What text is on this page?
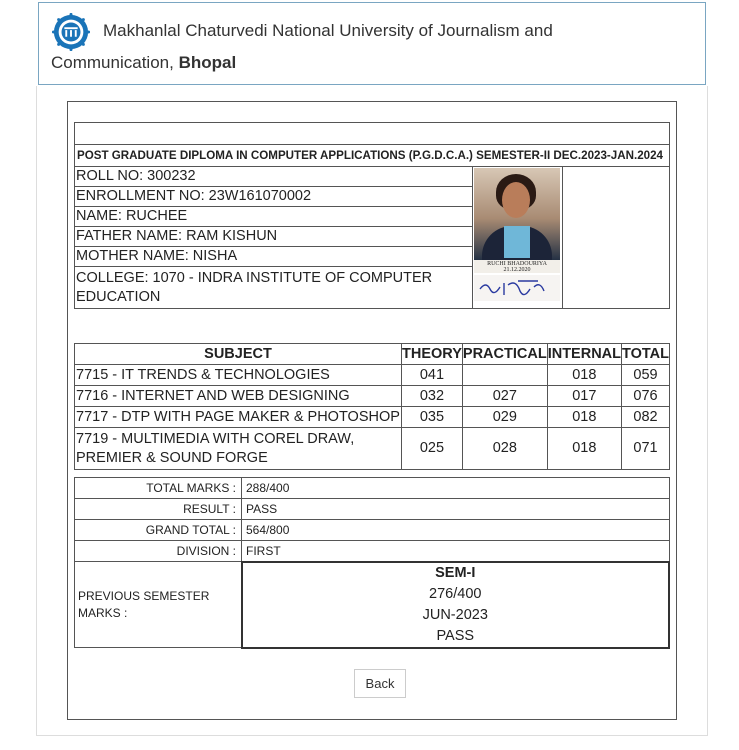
Makhanlal Chaturvedi National University of Journalism and
Communication, Bhopal

POST GRADUATE DIPLOMA IN COMPUTER APPLICATIONS (P.G.D.C.A.) SEMESTER-II DEC.2023-JAN.2024
ROLL NO: 300232	
RUCHI BHADOURIYA
21.12.2020

ENROLLMENT NO: 23W161070002
NAME: RUCHEE
FATHER NAME: RAM KISHUN
MOTHER NAME: NISHA
COLLEGE: 1070 - INDRA INSTITUTE OF COMPUTER EDUCATION
SUBJECT	THEORY	PRACTICAL	INTERNAL	TOTAL
7715 - IT TRENDS & TECHNOLOGIES	041		018	059
7716 - INTERNET AND WEB DESIGNING	032	027	017	076
7717 - DTP WITH PAGE MAKER & PHOTOSHOP	035	029	018	082
7719 - MULTIMEDIA WITH COREL DRAW, PREMIER & SOUND FORGE	025	028	018	071
TOTAL MARKS :	288/400
RESULT :	PASS
GRAND TOTAL :	564/800
DIVISION :	FIRST
PREVIOUS SEMESTER MARKS :	SEM-I
276/400
JUN-2023
PASS
Back
